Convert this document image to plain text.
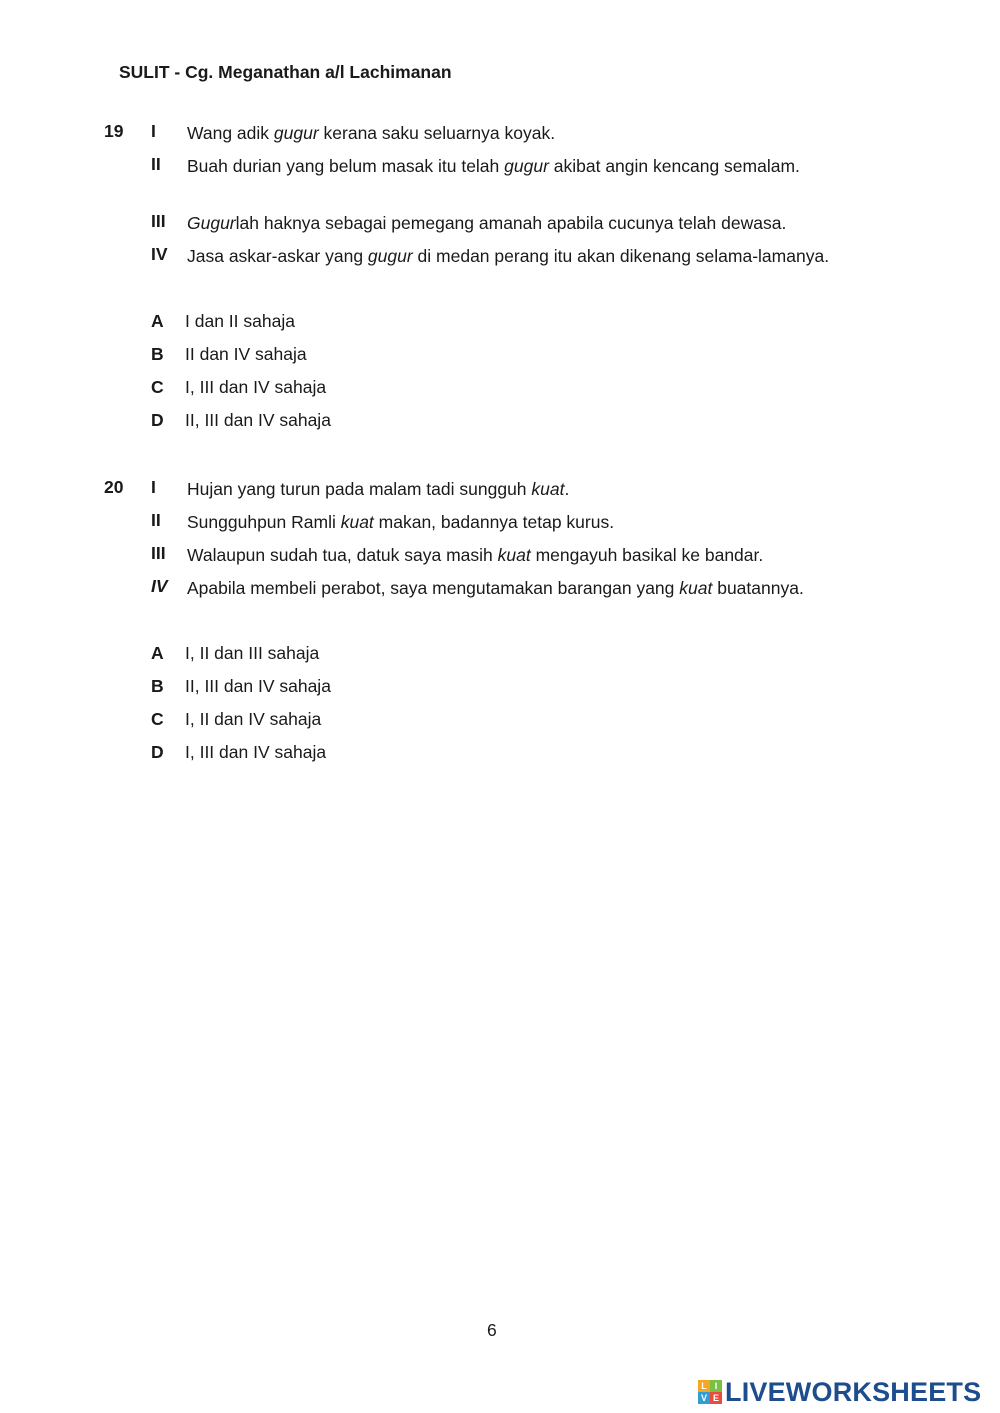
SULIT - Cg. Meganathan a/l Lachimanan
19 I Wang adik gugur kerana saku seluarnya koyak.
II Buah durian yang belum masak itu telah gugur akibat angin kencang semalam.
III Gugurlah haknya sebagai pemegang amanah apabila cucunya telah dewasa.
IV Jasa askar-askar yang gugur di medan perang itu akan dikenang selama-lamanya.
A I dan II sahaja
B II dan IV sahaja
C I, III dan IV sahaja
D II, III dan IV sahaja
20 I Hujan yang turun pada malam tadi sungguh kuat.
II Sungguhpun Ramli kuat makan, badannya tetap kurus.
III Walaupun sudah tua, datuk saya masih kuat mengayuh basikal ke bandar.
IV Apabila membeli perabot, saya mengutamakan barangan yang kuat buatannya.
A I, II dan III sahaja
B II, III dan IV sahaja
C I, II dan IV sahaja
D I, III dan IV sahaja
6
L I
V E LIVEWORKSHEETS
